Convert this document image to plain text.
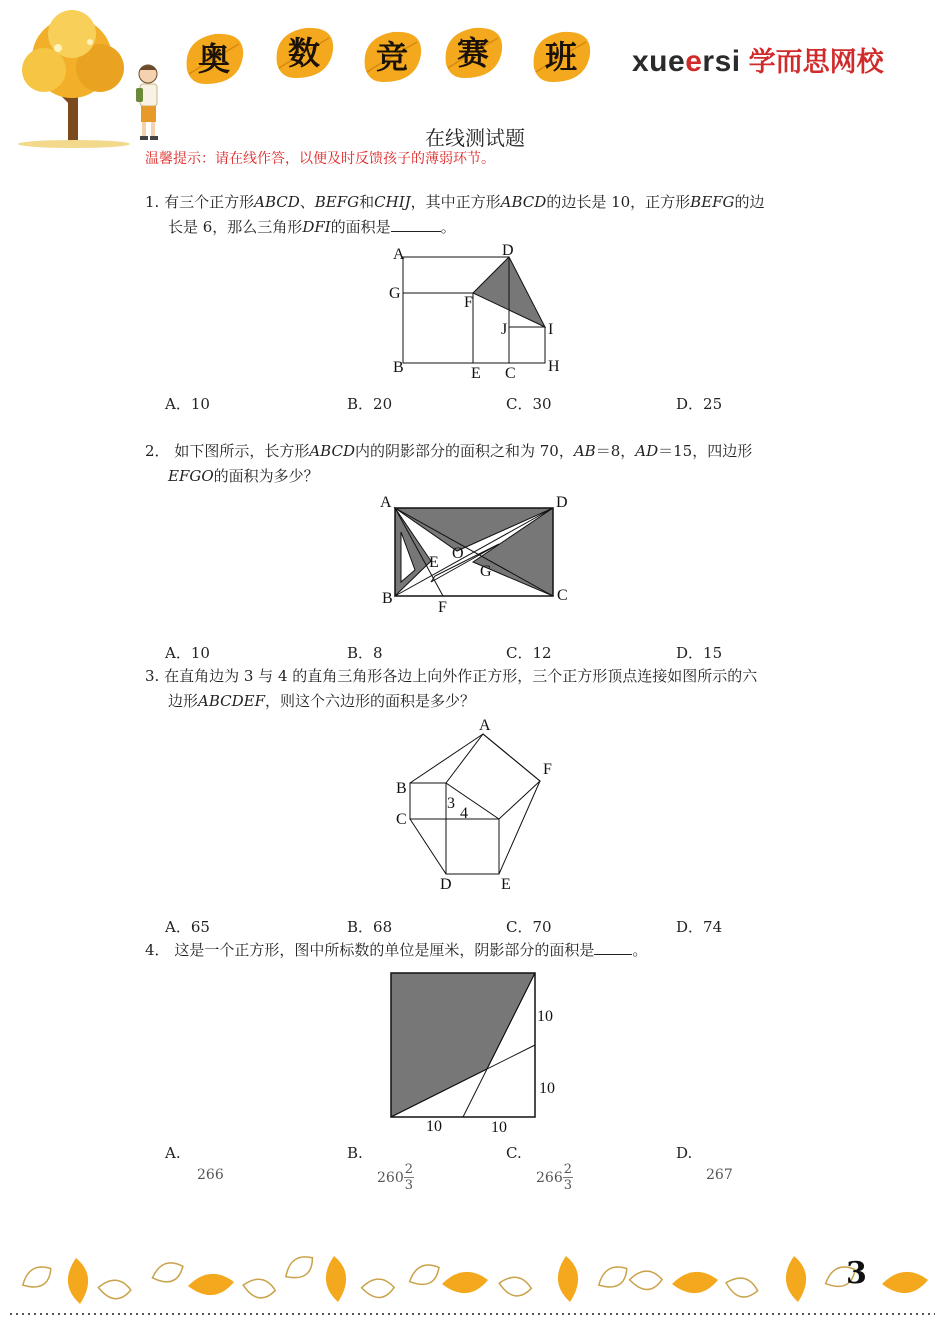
奥	数	竞	赛	班	xueersi 学而思网校
在线测试题
温馨提示：请在线作答，以便及时反馈孩子的薄弱环节。
1. 有三个正方形ABCD、BEFG和CHIJ，其中正方形ABCD的边长是 10，正方形BEFG的边
长是 6，那么三角形DFI的面积是	。
A	D
G
F
J	I
B	E C H
A．10	B．20	C．30	D．25
2． 如下图所示，长方形ABCD内的阴影部分的面积之和为 70，AB＝8，AD＝15，四边形
EFGO的面积为多少？
A	D
B	C
E
O
G
F
A．10	B．8	C．12	D．15
3. 在直角边为 3 与 4 的直角三角形各边上向外作正方形，三个正方形顶点连接如图所示的六
边形ABCDEF，则这个六边形的面积是多少？
A
F
B
C
D	E
3
4
A．65	B．68	C．70	D．74
4． 这是一个正方形，图中所标数的单位是厘米，阴影部分的面积是	。
10
10
10	10
A.
266
B.
$260 \frac{2}{3}$
C.
$266 \frac{2}{3}$
D.
267
3
